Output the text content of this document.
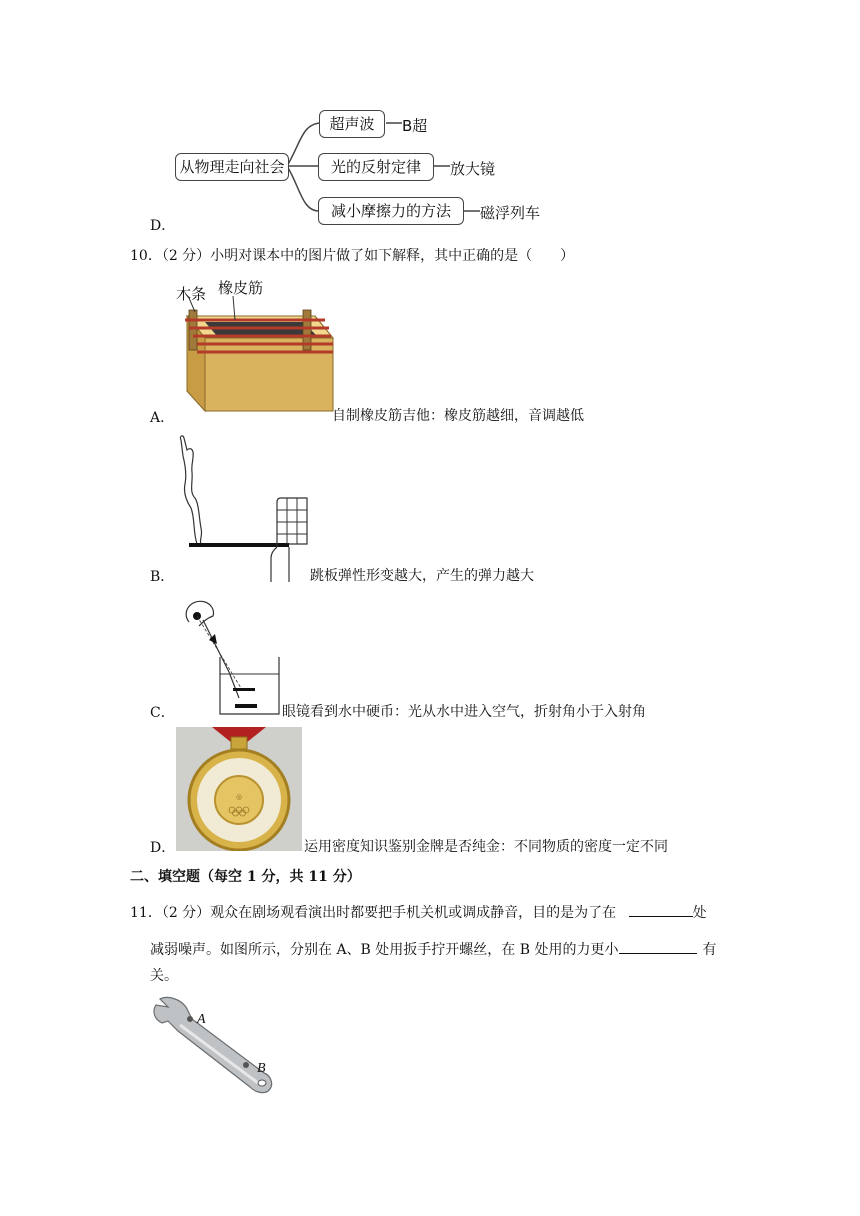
从物理走向社会
超声波
光的反射定律
减小摩擦力的方法
B超
放大镜
磁浮列车
D．
10．（2 分）小明对课本中的图片做了如下解释，其中正确的是（　　）
木条 橡皮筋
A．	自制橡皮筋吉他：橡皮筋越细，音调越低
B．	跳板弹性形变越大，产生的弹力越大
C．	眼镜看到水中硬币：光从水中进入空气，折射角小于入射角
◎
D．	运用密度知识鉴别金牌是否纯金：不同物质的密度一定不同
二、填空题（每空 1 分，共 11 分）
11．（2 分）观众在剧场观看演出时都要把手机关机或调成静音，目的是为了在	处
减弱噪声。如图所示，分别在 A、B 处用扳手拧开螺丝，在 B 处用的力更小	有
关。
A
B
